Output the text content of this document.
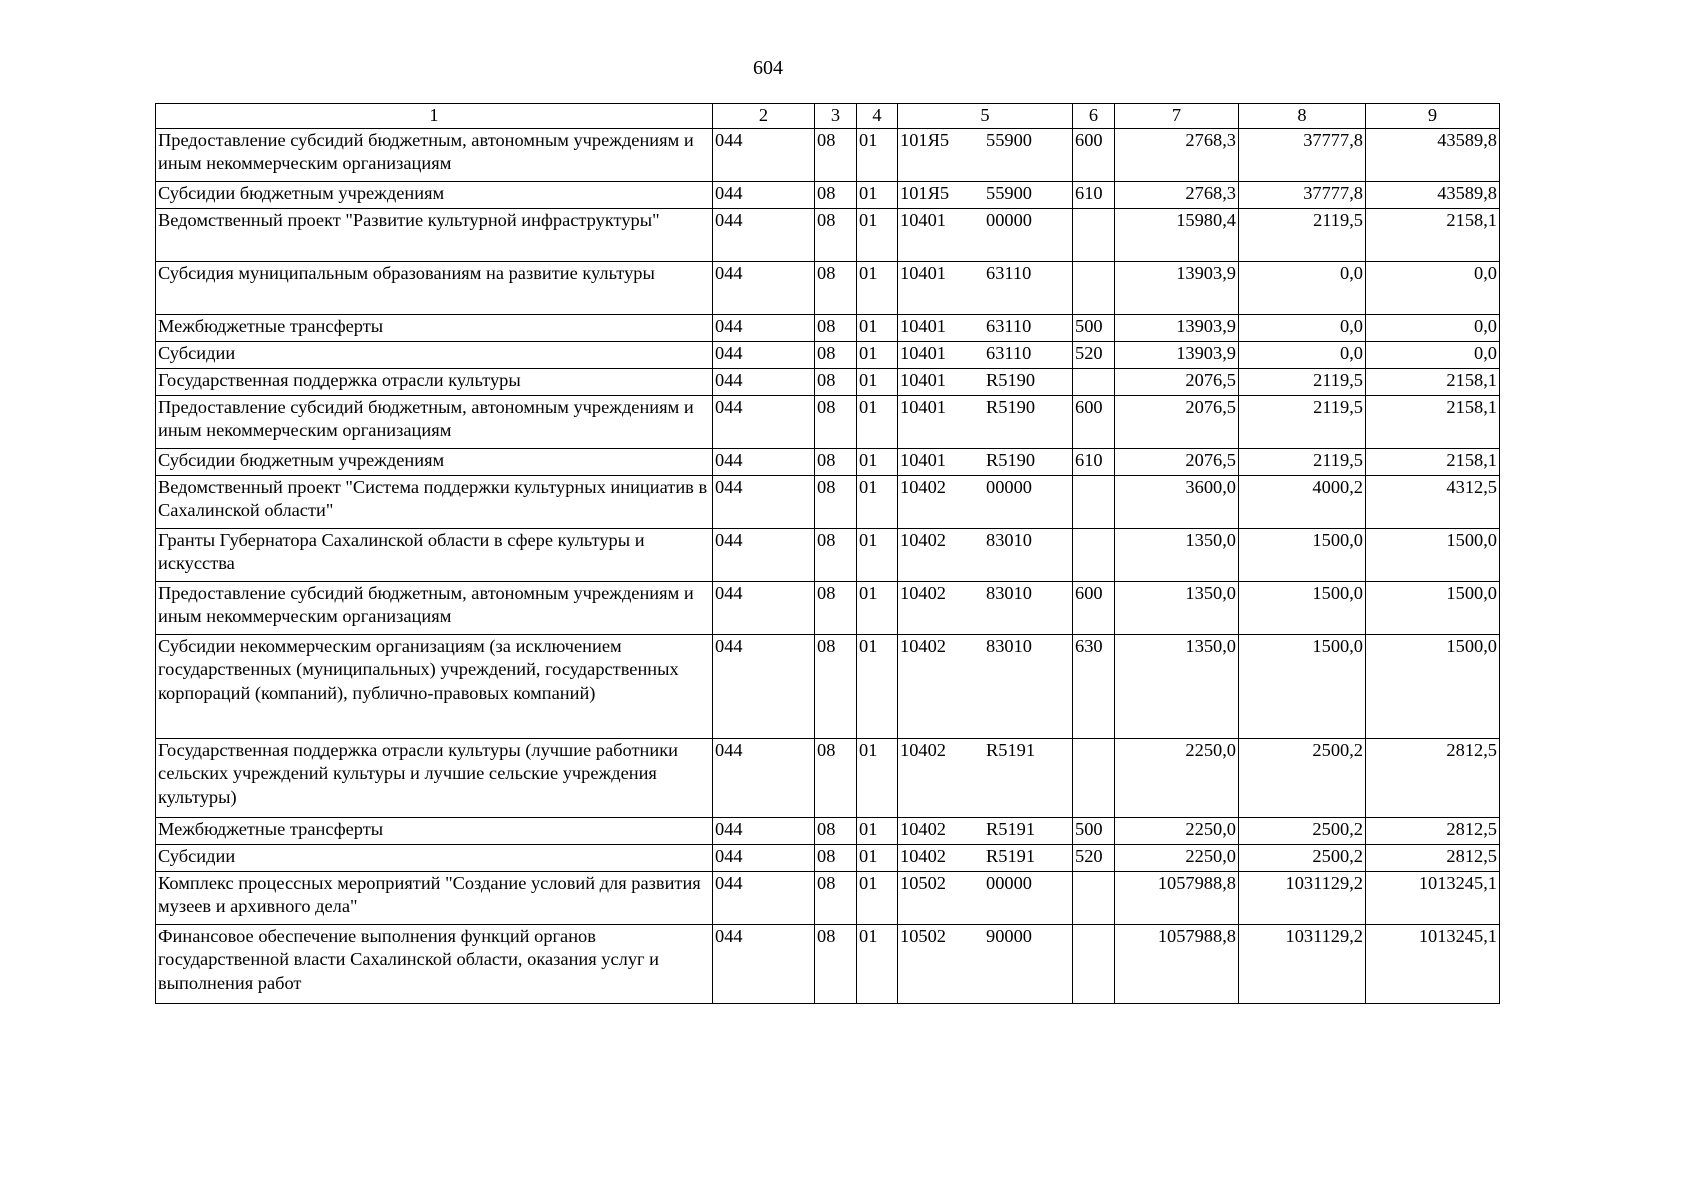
604
1	2	3	4	5	6	7	8	9
Предоставление субсидий бюджетным, автономным учреждениям и иным некоммерческим организациям	044	08	01	101Я5 55900	600	2768,3	37777,8	43589,8
Субсидии бюджетным учреждениям	044	08	01	101Я5 55900	610	2768,3	37777,8	43589,8
Ведомственный проект "Развитие культурной инфраструктуры"	044	08	01	10401 00000		15980,4	2119,5	2158,1
Субсидия муниципальным образованиям на развитие культуры	044	08	01	10401 63110		13903,9	0,0	0,0
Межбюджетные трансферты	044	08	01	10401 63110	500	13903,9	0,0	0,0
Субсидии	044	08	01	10401 63110	520	13903,9	0,0	0,0
Государственная поддержка отрасли культуры	044	08	01	10401 R5190		2076,5	2119,5	2158,1
Предоставление субсидий бюджетным, автономным учреждениям и иным некоммерческим организациям	044	08	01	10401 R5190	600	2076,5	2119,5	2158,1
Субсидии бюджетным учреждениям	044	08	01	10401 R5190	610	2076,5	2119,5	2158,1
Ведомственный проект "Система поддержки культурных инициатив в Сахалинской области"	044	08	01	10402 00000		3600,0	4000,2	4312,5
Гранты Губернатора Сахалинской области в сфере культуры и искусства	044	08	01	10402 83010		1350,0	1500,0	1500,0
Предоставление субсидий бюджетным, автономным учреждениям и иным некоммерческим организациям	044	08	01	10402 83010	600	1350,0	1500,0	1500,0
Субсидии некоммерческим организациям (за исключением государственных (муниципальных) учреждений, государственных корпораций (компаний), публично-правовых компаний)	044	08	01	10402 83010	630	1350,0	1500,0	1500,0
Государственная поддержка отрасли культуры (лучшие работники сельских учреждений культуры и лучшие сельские учреждения культуры)	044	08	01	10402 R5191		2250,0	2500,2	2812,5
Межбюджетные трансферты	044	08	01	10402 R5191	500	2250,0	2500,2	2812,5
Субсидии	044	08	01	10402 R5191	520	2250,0	2500,2	2812,5
Комплекс процессных мероприятий "Создание условий для развития музеев и архивного дела"	044	08	01	10502 00000		1057988,8	1031129,2	1013245,1
Финансовое обеспечение выполнения функций органов государственной власти Сахалинской области, оказания услуг и выполнения работ	044	08	01	10502 90000		1057988,8	1031129,2	1013245,1
